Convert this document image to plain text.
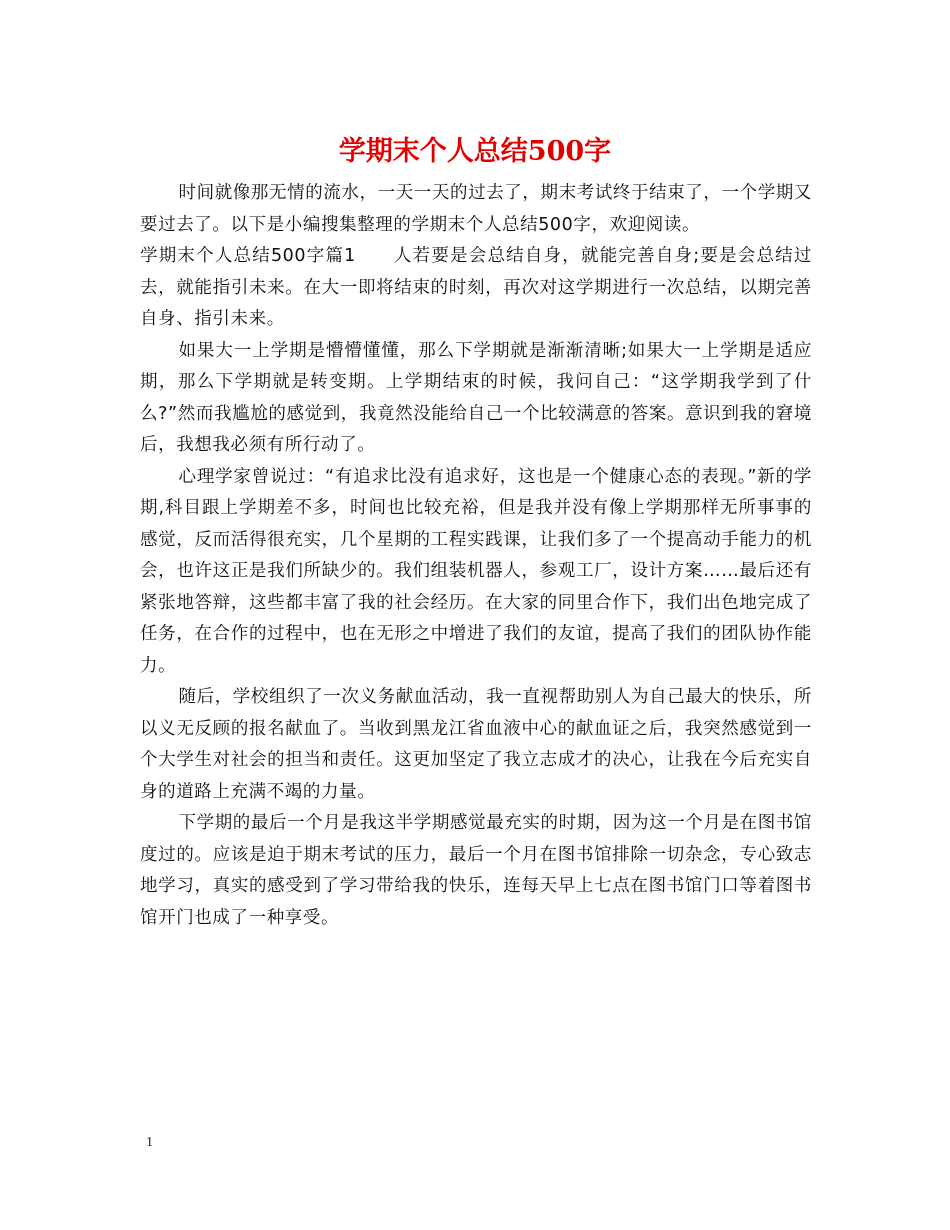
学期末个人总结500字

时间就像那无情的流水，一天一天的过去了，期末考试终于结束了，一个学期又要过去了。以下是小编搜集整理的学期末个人总结500字，欢迎阅读。

学期末个人总结500字篇1　　人若要是会总结自身，就能完善自身;要是会总结过去，就能指引未来。在大一即将结束的时刻，再次对这学期进行一次总结，以期完善自身、指引未来。

如果大一上学期是懵懵懂懂，那么下学期就是渐渐清晰;如果大一上学期是适应期，那么下学期就是转变期。上学期结束的时候，我问自己：“这学期我学到了什么?”然而我尴尬的感觉到，我竟然没能给自己一个比较满意的答案。意识到我的窘境后，我想我必须有所行动了。

心理学家曾说过：“有追求比没有追求好，这也是一个健康心态的表现。”新的学期,科目跟上学期差不多，时间也比较充裕，但是我并没有像上学期那样无所事事的感觉，反而活得很充实，几个星期的工程实践课，让我们多了一个提高动手能力的机会，也许这正是我们所缺少的。我们组装机器人，参观工厂，设计方案……最后还有紧张地答辩，这些都丰富了我的社会经历。在大家的同里合作下，我们出色地完成了任务，在合作的过程中，也在无形之中增进了我们的友谊，提高了我们的团队协作能力。

随后，学校组织了一次义务献血活动，我一直视帮助别人为自己最大的快乐，所以义无反顾的报名献血了。当收到黑龙江省血液中心的献血证之后，我突然感觉到一个大学生对社会的担当和责任。这更加坚定了我立志成才的决心，让我在今后充实自身的道路上充满不竭的力量。

下学期的最后一个月是我这半学期感觉最充实的时期，因为这一个月是在图书馆度过的。应该是迫于期末考试的压力，最后一个月在图书馆排除一切杂念，专心致志地学习，真实的感受到了学习带给我的快乐，连每天早上七点在图书馆门口等着图书馆开门也成了一种享受。

1
